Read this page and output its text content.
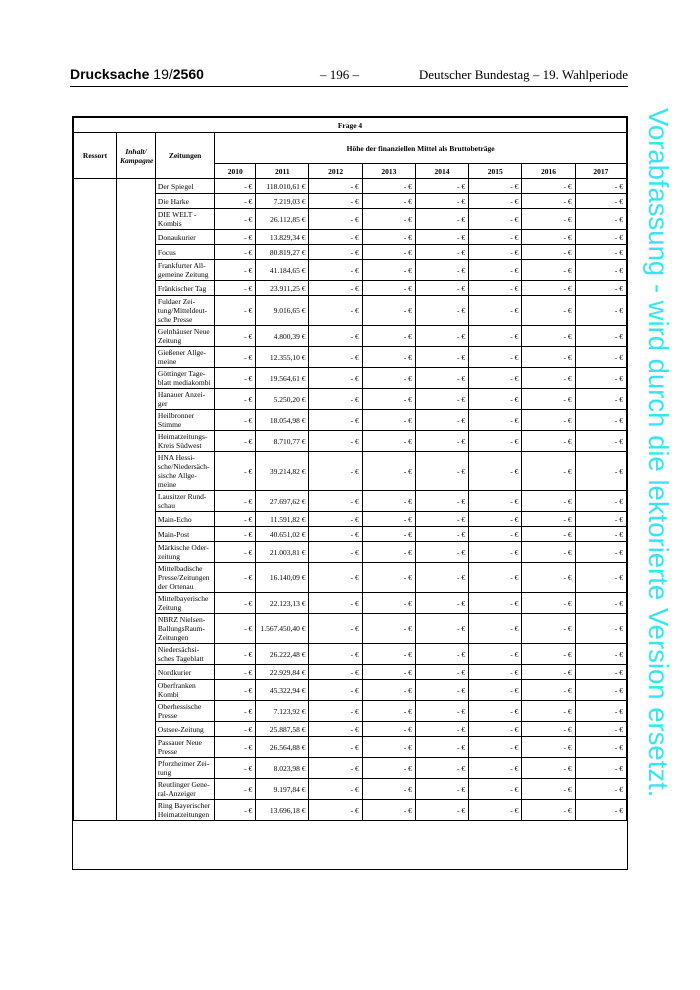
Drucksache 19/2560	– 196 –	Deutscher Bundestag – 19. Wahlperiode
Vorabfassung - wird durch die lektorierte Version ersetzt.
Frage 4										
Ressort	Inhalt/ Kampagne	Zeitungen	Höhe der finanziellen Mittel als Bruttobeträge							
			2010	2011	2012	2013	2014	2015	2016	2017
		Der Spiegel	- €	118.010,61 €	- €	- €	- €	- €	- €	- €
		Die Harke	- €	7.219,03 €	- €	- €	- €	- €	- €	- €
		DIE WELT - Kombis	- €	26.112,85 €	- €	- €	- €	- €	- €	- €
		Donaukurier	- €	13.829,34 €	- €	- €	- €	- €	- €	- €
		Focus	- €	80.819,27 €	- €	- €	- €	- €	- €	- €
		Frankfurter All-gemeine Zeitung	- €	41.184,65 €	- €	- €	- €	- €	- €	- €
		Fränkischer Tag	- €	23.911,25 €	- €	- €	- €	- €	- €	- €
		Fuldaer Zei-tung/Mitteldeut-sche Presse	- €	9.016,65 €	- €	- €	- €	- €	- €	- €
		Gelnhäuser Neue Zeitung	- €	4.800,39 €	- €	- €	- €	- €	- €	- €
		Gießener Allge-meine	- €	12.355,10 €	- €	- €	- €	- €	- €	- €
		Göttinger Tage-blatt mediakombi	- €	19.564,61 €	- €	- €	- €	- €	- €	- €
		Hanauer Anzei-ger	- €	5.250,20 €	- €	- €	- €	- €	- €	- €
		Heilbronner Stimme	- €	18.054,98 €	- €	- €	- €	- €	- €	- €
		Heimatzeitungs-Kreis Südwest	- €	8.710,77 €	- €	- €	- €	- €	- €	- €
		HNA Hessi-sche/Niedersäch-sische Allge-meine	- €	39.214,82 €	- €	- €	- €	- €	- €	- €
		Lausitzer Rund-schau	- €	27.697,62 €	- €	- €	- €	- €	- €	- €
		Main-Echo	- €	11.591,82 €	- €	- €	- €	- €	- €	- €
		Main-Post	- €	40.651,02 €	- €	- €	- €	- €	- €	- €
		Märkische Oder-zeitung	- €	21.003,81 €	- €	- €	- €	- €	- €	- €
		Mittelbadische Presse/Zeitungen der Ortenau	- €	16.140,09 €	- €	- €	- €	- €	- €	- €
		Mittelbayerische Zeitung	- €	22.123,13 €	- €	- €	- €	- €	- €	- €
		NBRZ Nielsen-BallungsRaum-Zeitungen	- €	1.567.450,40 €	- €	- €	- €	- €	- €	- €
		Niedersächsi-sches Tageblatt	- €	26.222,48 €	- €	- €	- €	- €	- €	- €
		Nordkurier	- €	22.929,84 €	- €	- €	- €	- €	- €	- €
		Oberfranken Kombi	- €	45.322,94 €	- €	- €	- €	- €	- €	- €
		Oberhessische Presse	- €	7.123,92 €	- €	- €	- €	- €	- €	- €
		Ostsee-Zeitung	- €	25.887,58 €	- €	- €	- €	- €	- €	- €
		Passauer Neue Presse	- €	26.564,88 €	- €	- €	- €	- €	- €	- €
		Pforzheimer Zei-tung	- €	8.023,98 €	- €	- €	- €	- €	- €	- €
		Reutlinger Gene-ral-Anzeiger	- €	9.197,84 €	- €	- €	- €	- €	- €	- €
		Ring Bayerischer Heimatzeitungen	- €	13.696,18 €	- €	- €	- €	- €	- €	- €
